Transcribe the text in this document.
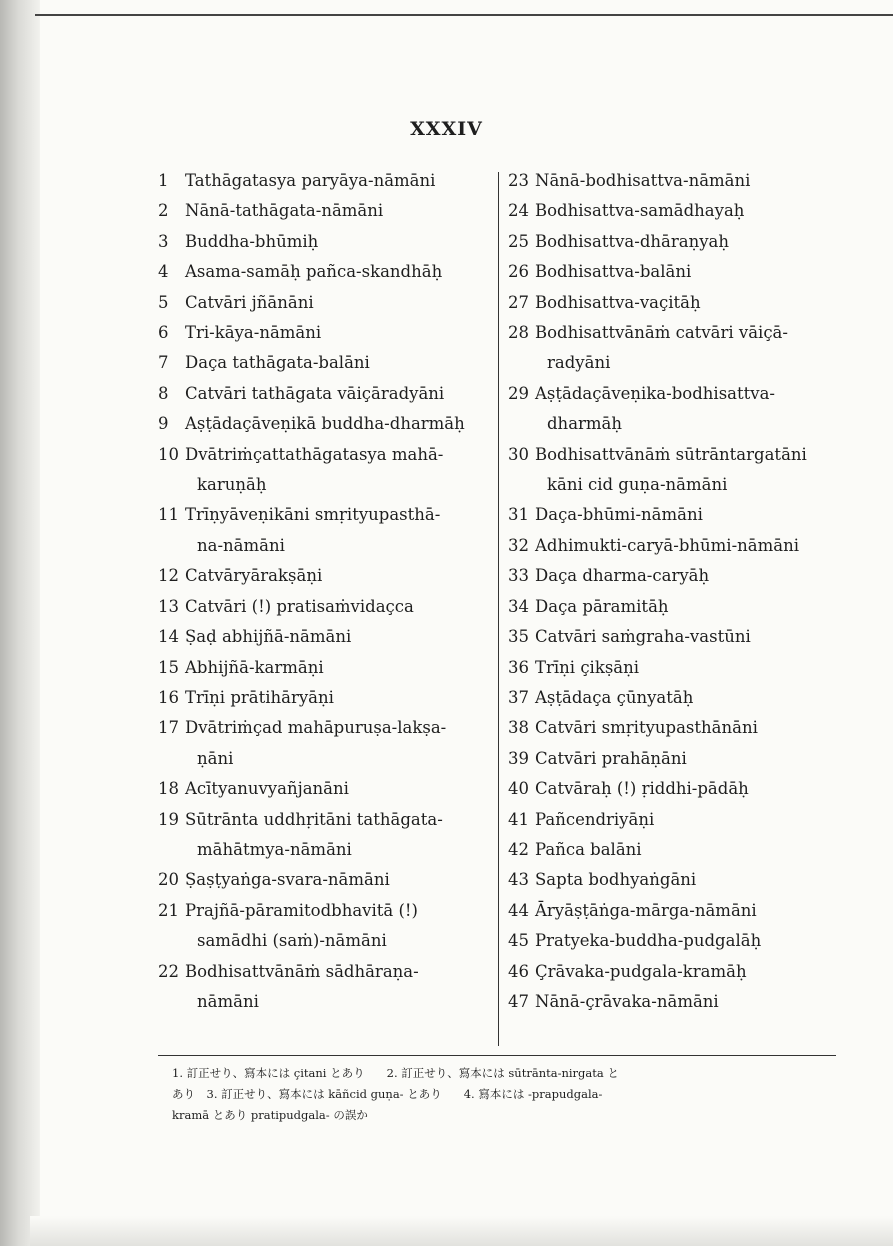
XXXIV
1	Tathāgatasya paryāya-nāmāni
2	Nānā-tathāgata-nāmāni
3	Buddha-bhūmiḥ
4	Asama-samāḥ pañca-skandhāḥ
5	Catvāri jñānāni
6	Tri-kāya-nāmāni
7	Daça tathāgata-balāni
8	Catvāri tathāgata vāiçāradyāni
9	Aṣṭādaçāveṇikā buddha-dharmāḥ
10 Dvātriṁçattathāgatasya mahā-
karuṇāḥ
11 Trīṇyāveṇikāni smṛityupasthā-
na-nāmāni
12 Catvāryārakṣāṇi
13 Catvāri (!) pratisaṁvidaçca
14 Ṣaḍ abhijñā-nāmāni
15 Abhijñā-karmāṇi
16 Trīṇi prātihāryāṇi
17 Dvātriṁçad mahāpuruṣa-lakṣa-
ṇāni
18 Acītyanuvyañjanāni
19 Sūtrānta uddhṛitāni tathāgata-
māhātmya-nāmāni
20 Ṣaṣṭyaṅga-svara-nāmāni
21 Prajñā-pāramitodbhavitā (!)
samādhi (saṁ)-nāmāni
22 Bodhisattvānāṁ sādhāraṇa-
nāmāni
23 Nānā-bodhisattva-nāmāni
24 Bodhisattva-samādhayaḥ
25 Bodhisattva-dhāraṇyaḥ
26 Bodhisattva-balāni
27 Bodhisattva-vaçitāḥ
28 Bodhisattvānāṁ catvāri vāiçā-
radyāni
29 Aṣṭādaçāveṇika-bodhisattva-
dharmāḥ
30 Bodhisattvānāṁ sūtrāntargatāni
kāni cid guṇa-nāmāni
31 Daça-bhūmi-nāmāni
32 Adhimukti-caryā-bhūmi-nāmāni
33 Daça dharma-caryāḥ
34 Daça pāramitāḥ
35 Catvāri saṁgraha-vastūni
36 Trīṇi çikṣāṇi
37 Aṣṭādaça çūnyatāḥ
38 Catvāri smṛityupasthānāni
39 Catvāri prahāṇāni
40 Catvāraḥ (!) ṛiddhi-pādāḥ
41 Pañcendriyāṇi
42 Pañca balāni
43 Sapta bodhyaṅgāni
44 Āryāṣṭāṅga-mārga-nāmāni
45 Pratyeka-buddha-pudgalāḥ
46 Çrāvaka-pudgala-kramāḥ
47 Nānā-çrāvaka-nāmāni
1. 訂正せり、寫本には çitani とあり 2. 訂正せり、寫本には sūtrānta-nirgata と
あり　3. 訂正せり、寫本には kāñcid guṇa- とあり 4. 寫本には -prapudgala-
kramā とあり pratipudgala- の誤か
